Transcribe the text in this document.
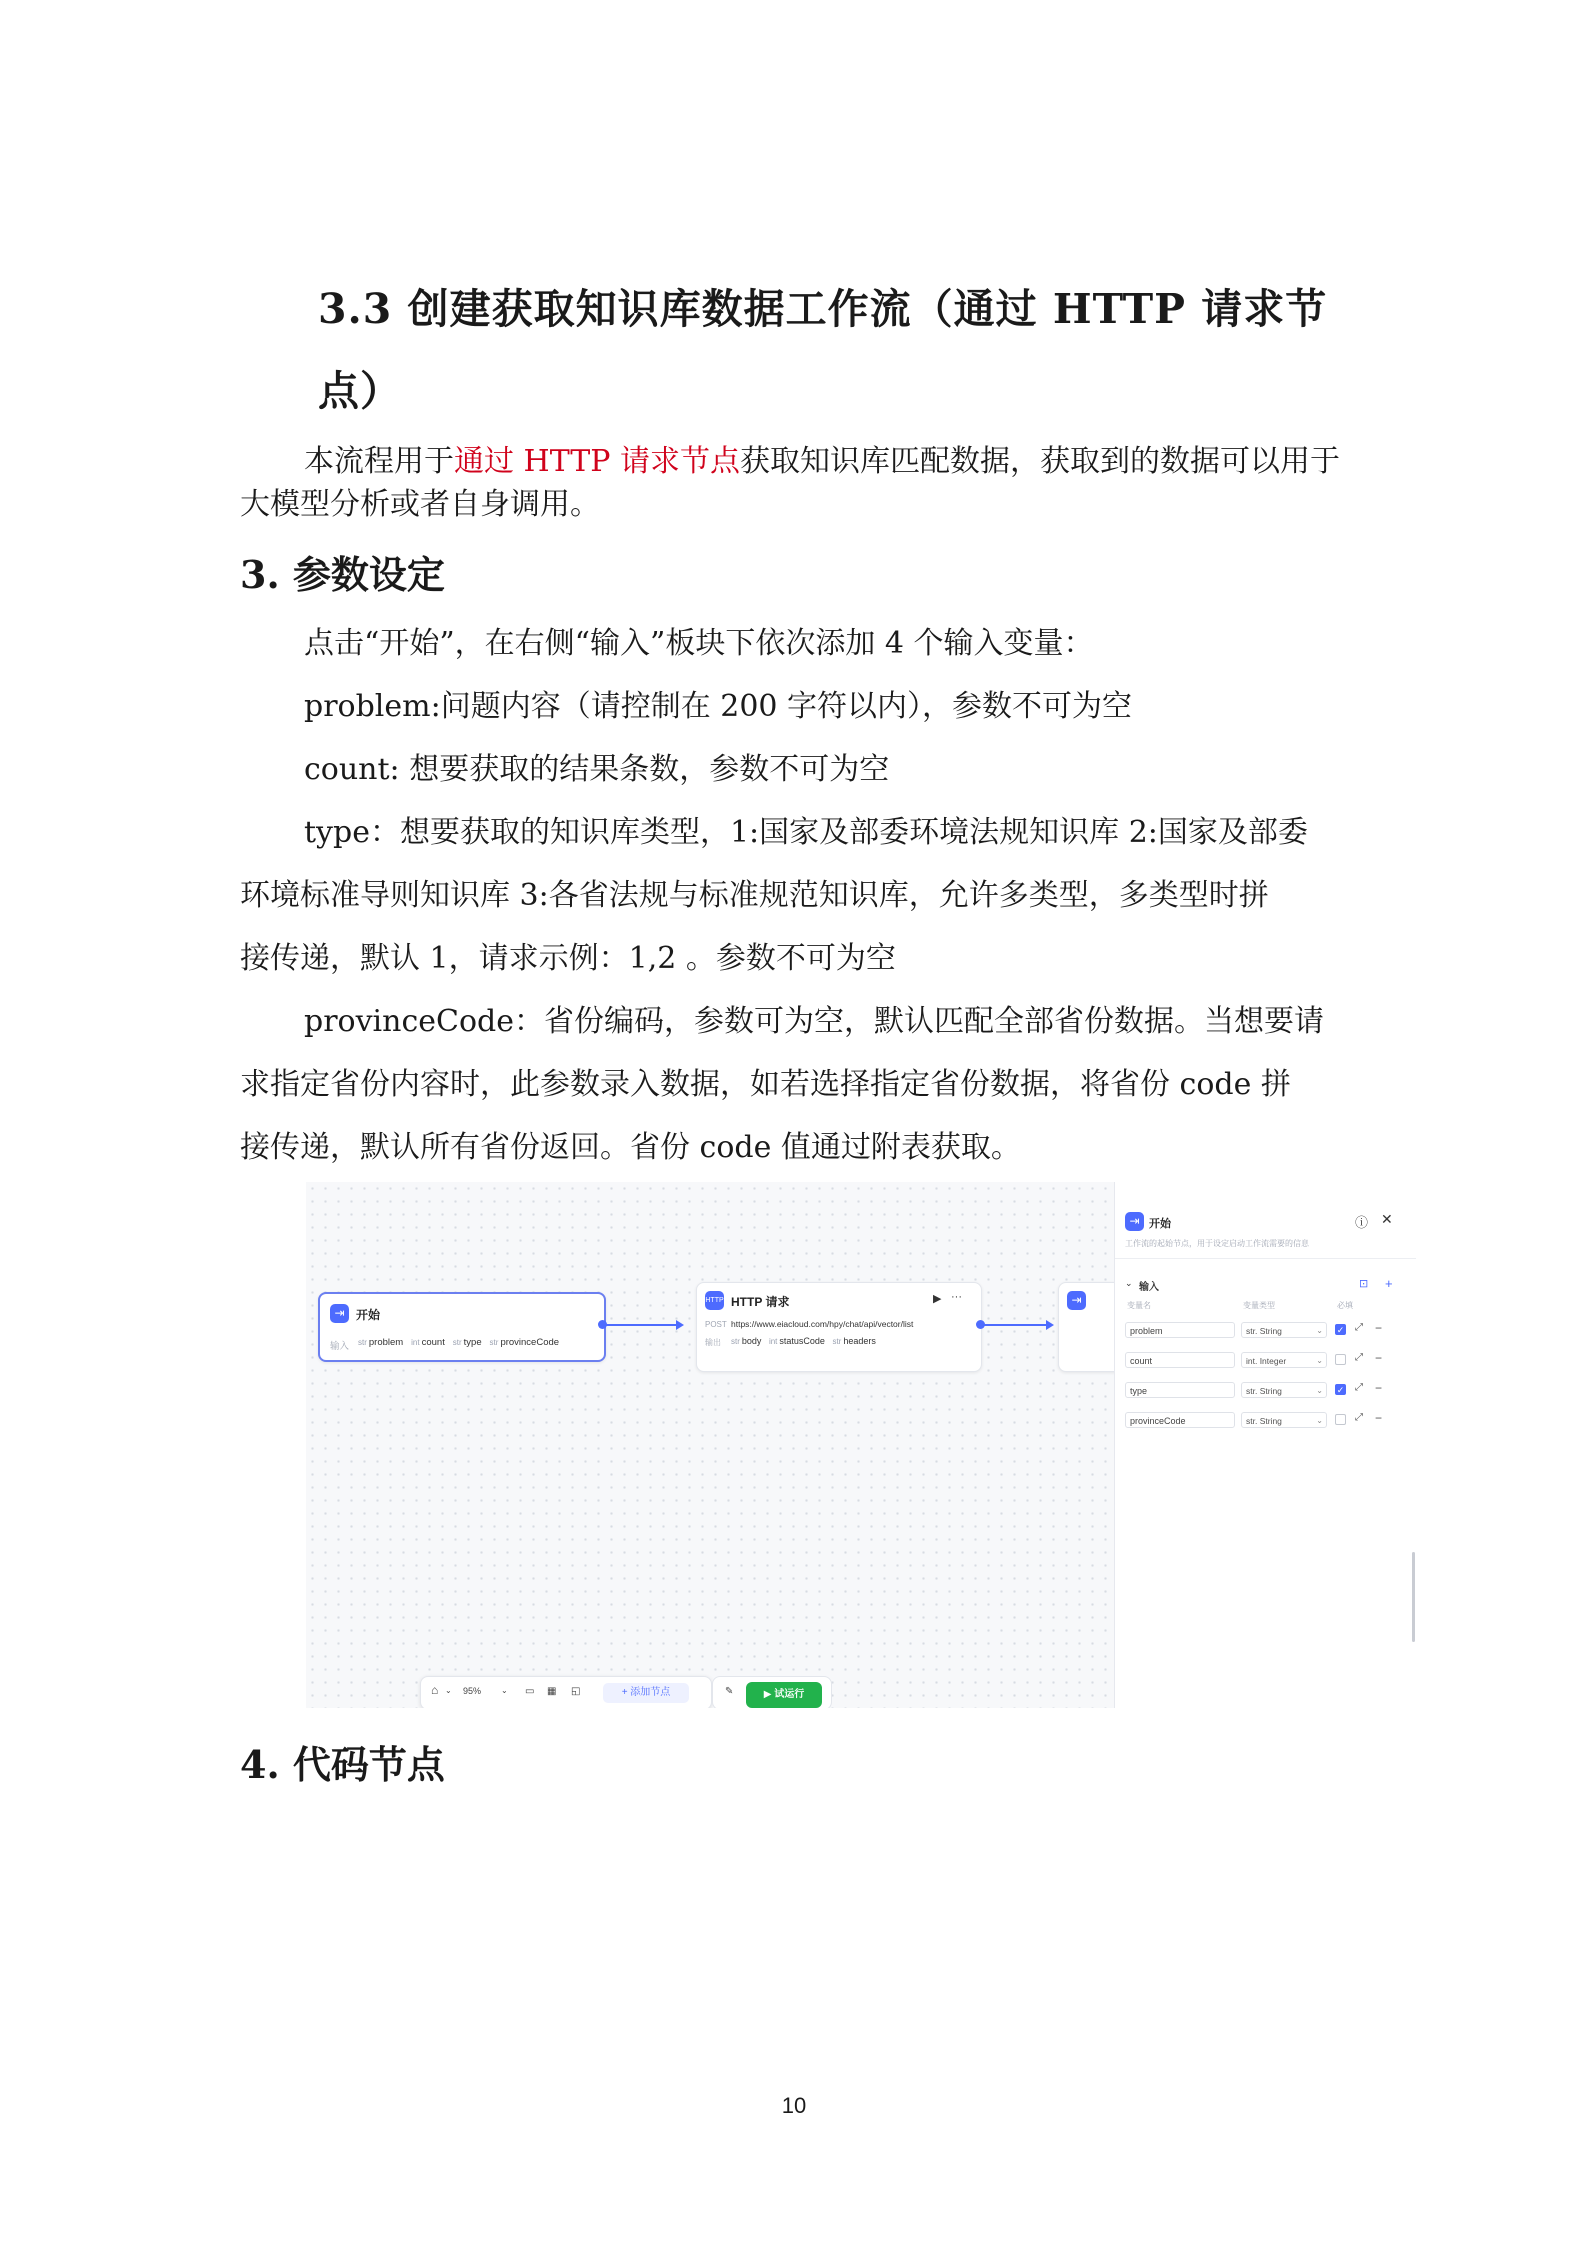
3.3 创建获取知识库数据工作流（通过 HTTP 请求节
点）
本流程用于通过 HTTP 请求节点获取知识库匹配数据，获取到的数据可以用于大模型分析或者自身调用。
3. 参数设定
点击“开始”，在右侧“输入”板块下依次添加 4 个输入变量：
problem:问题内容（请控制在 200 字符以内），参数不可为空
count: 想要获取的结果条数，参数不可为空
type：想要获取的知识库类型，1:国家及部委环境法规知识库 2:国家及部委
环境标准导则知识库 3:各省法规与标准规范知识库，允许多类型，多类型时拼
接传递，默认 1，请求示例：1,2 。参数不可为空
provinceCode：省份编码，参数可为空，默认匹配全部省份数据。当想要请
求指定省份内容时，此参数录入数据，如若选择指定省份数据，将省份 code 拼
接传递，默认所有省份返回。省份 code 值通过附表获取。
⇥ 开始
输入 str problem int count str type str provinceCode
HTTP HTTP 请求	▶ ···
POST https://www.eiacloud.com/hpy/chat/api/vector/list
输出 str body int statusCode str headers
⇥
⇥ 开始	ⓘ ✕
工作流的起始节点，用于设定启动工作流需要的信息
⌄ 输入	⊡ +
变量名	变量类型	必填
problem	str. String	⌄ ✓ ⤢ −
count	int. Integer	⌄	⤢ −
type	str. String	⌄ ✓ ⤢ −
provinceCode	str. String	⌄	⤢ −
⌂ ⌄ 95% ⌄ ▭ ▦ ◱	+ 添加节点	✎	▶ 试运行
4. 代码节点
10
